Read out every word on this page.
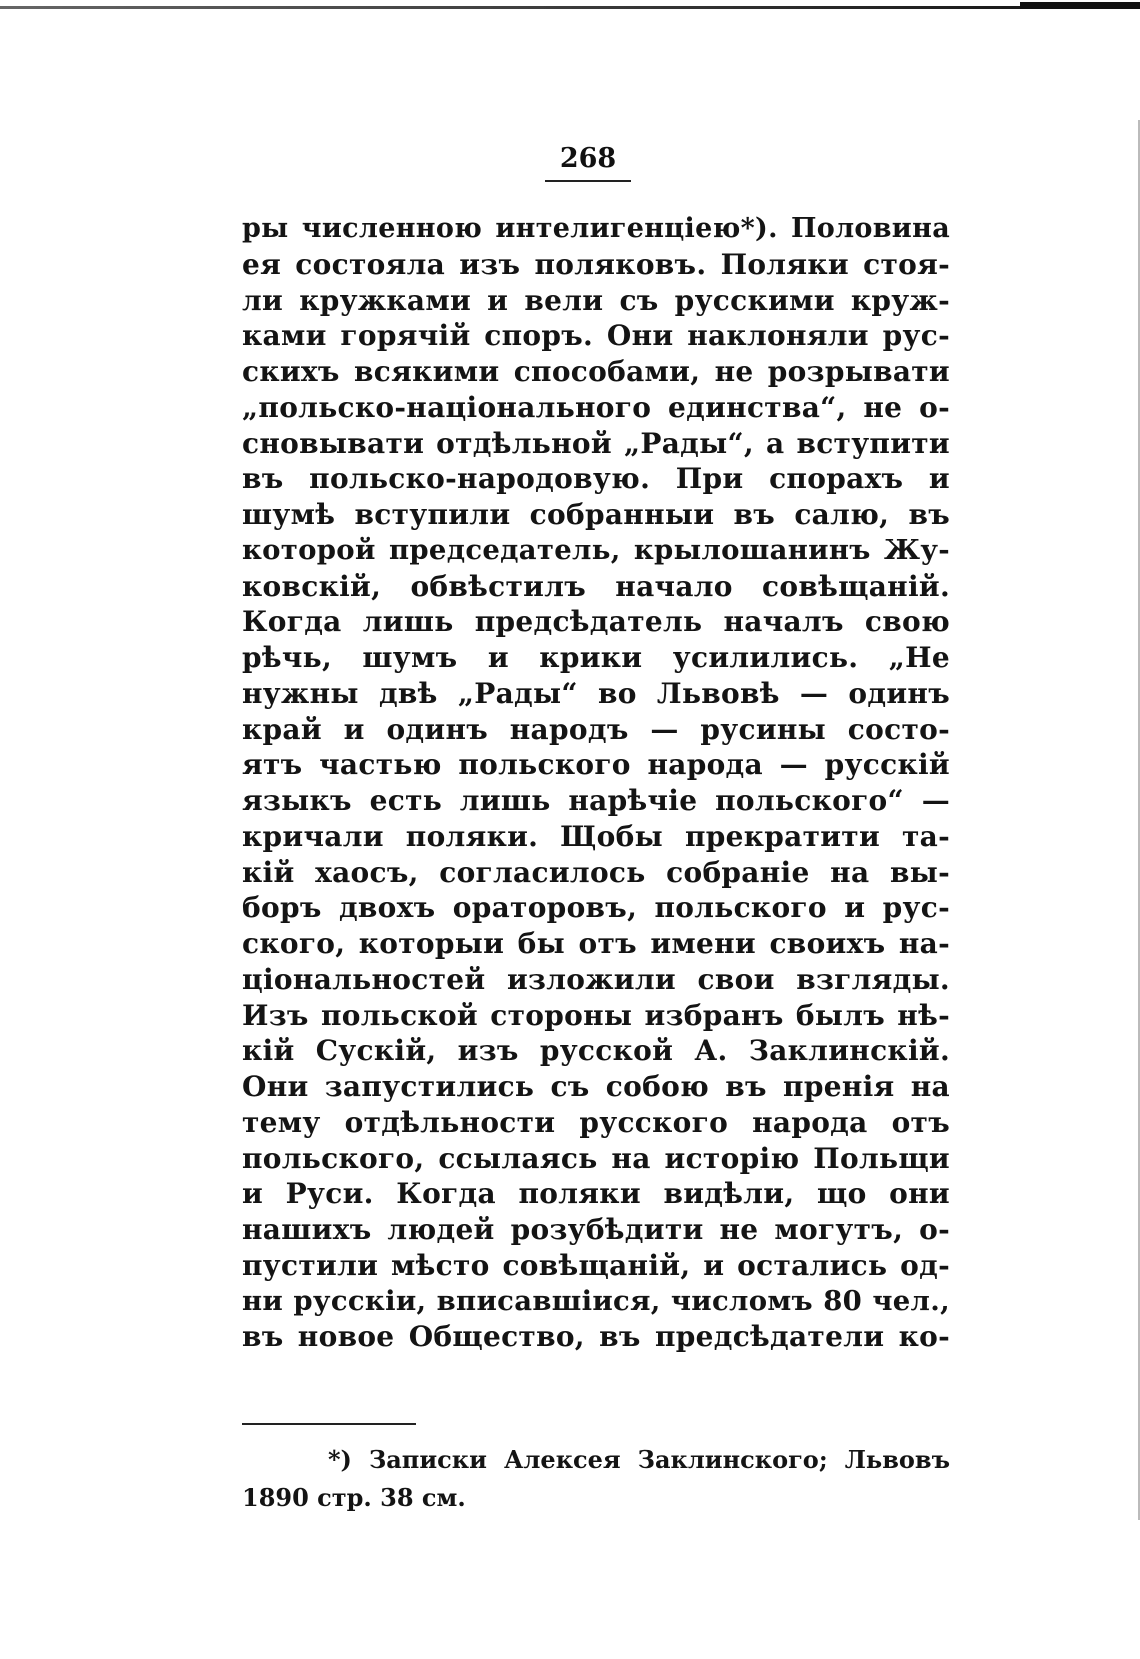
268
ры численною интелигенціею*). Половина
ея состояла изъ поляковъ. Поляки стоя-
ли кружками и вели съ русскими круж-
ками горячій споръ. Они наклоняли рус-
скихъ всякими способами, не розрывати
„польско-національного единства“, не о-
сновывати отдѣльной „Рады“, а вступити
въ польско-народовую. При спорахъ и
шумѣ вступили собранныи въ салю, въ
которой председатель, крылошанинъ Жу-
ковскій, обвѣстилъ начало совѣщаній.
Когда лишь предсѣдатель началъ свою
рѣчь, шумъ и крики усилились. „Не
нужны двѣ „Рады“ во Львовѣ — одинъ
край и одинъ народъ — русины состо-
ятъ частью польского народа — русскій
языкъ есть лишь нарѣчіе польского“ —
кричали поляки. Щобы прекратити та-
кій хаосъ, согласилось собраніе на вы-
боръ двохъ ораторовъ, польского и рус-
ского, которыи бы отъ имени своихъ на-
ціональностей изложили свои взгляды.
Изъ польской стороны избранъ былъ нѣ-
кій Сускій, изъ русской А. Заклинскій.
Они запустились съ собою въ пренія на
тему отдѣльности русского народа отъ
польского, ссылаясь на исторію Польщи
и Руси. Когда поляки видѣли, що они
нашихъ людей розубѣдити не могутъ, о-
пустили мѣсто совѣщаній, и остались од-
ни русскіи, вписавшіися, числомъ 80 чел.,
въ новое Общество, въ предсѣдатели ко-
*) Записки Алексея Заклинского; Львовъ
1890 стр. 38 см.
